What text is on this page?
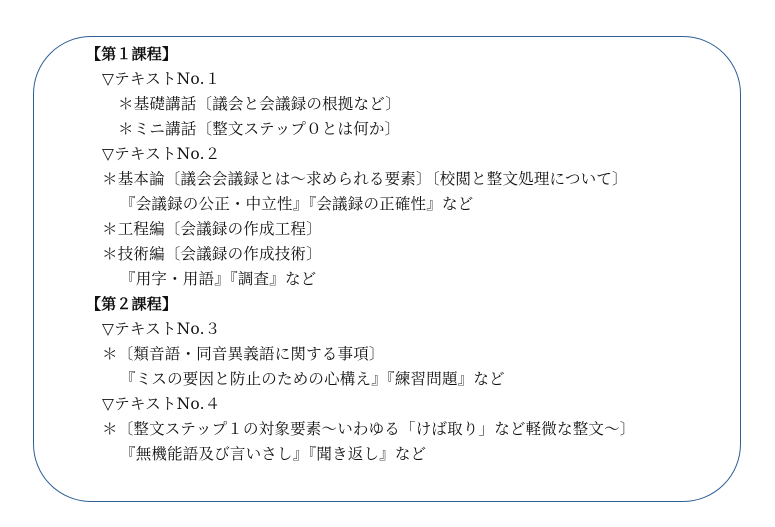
【第１課程】
▽テキストNo.１
＊基礎講話〔議会と会議録の根拠など〕
＊ミニ講話〔整文ステップ０とは何か〕
▽テキストNo.２
＊基本論〔議会会議録とは～求められる要素〕〔校閲と整文処理について〕
『会議録の公正・中立性』『会議録の正確性』など
＊工程編〔会議録の作成工程〕
＊技術編〔会議録の作成技術〕
『用字・用語』『調査』など
【第２課程】
▽テキストNo.３
＊〔類音語・同音異義語に関する事項〕
『ミスの要因と防止のための心構え』『練習問題』など
▽テキストNo.４
＊〔整文ステップ１の対象要素～いわゆる「けば取り」など軽微な整文～〕
『無機能語及び言いさし』『聞き返し』など
